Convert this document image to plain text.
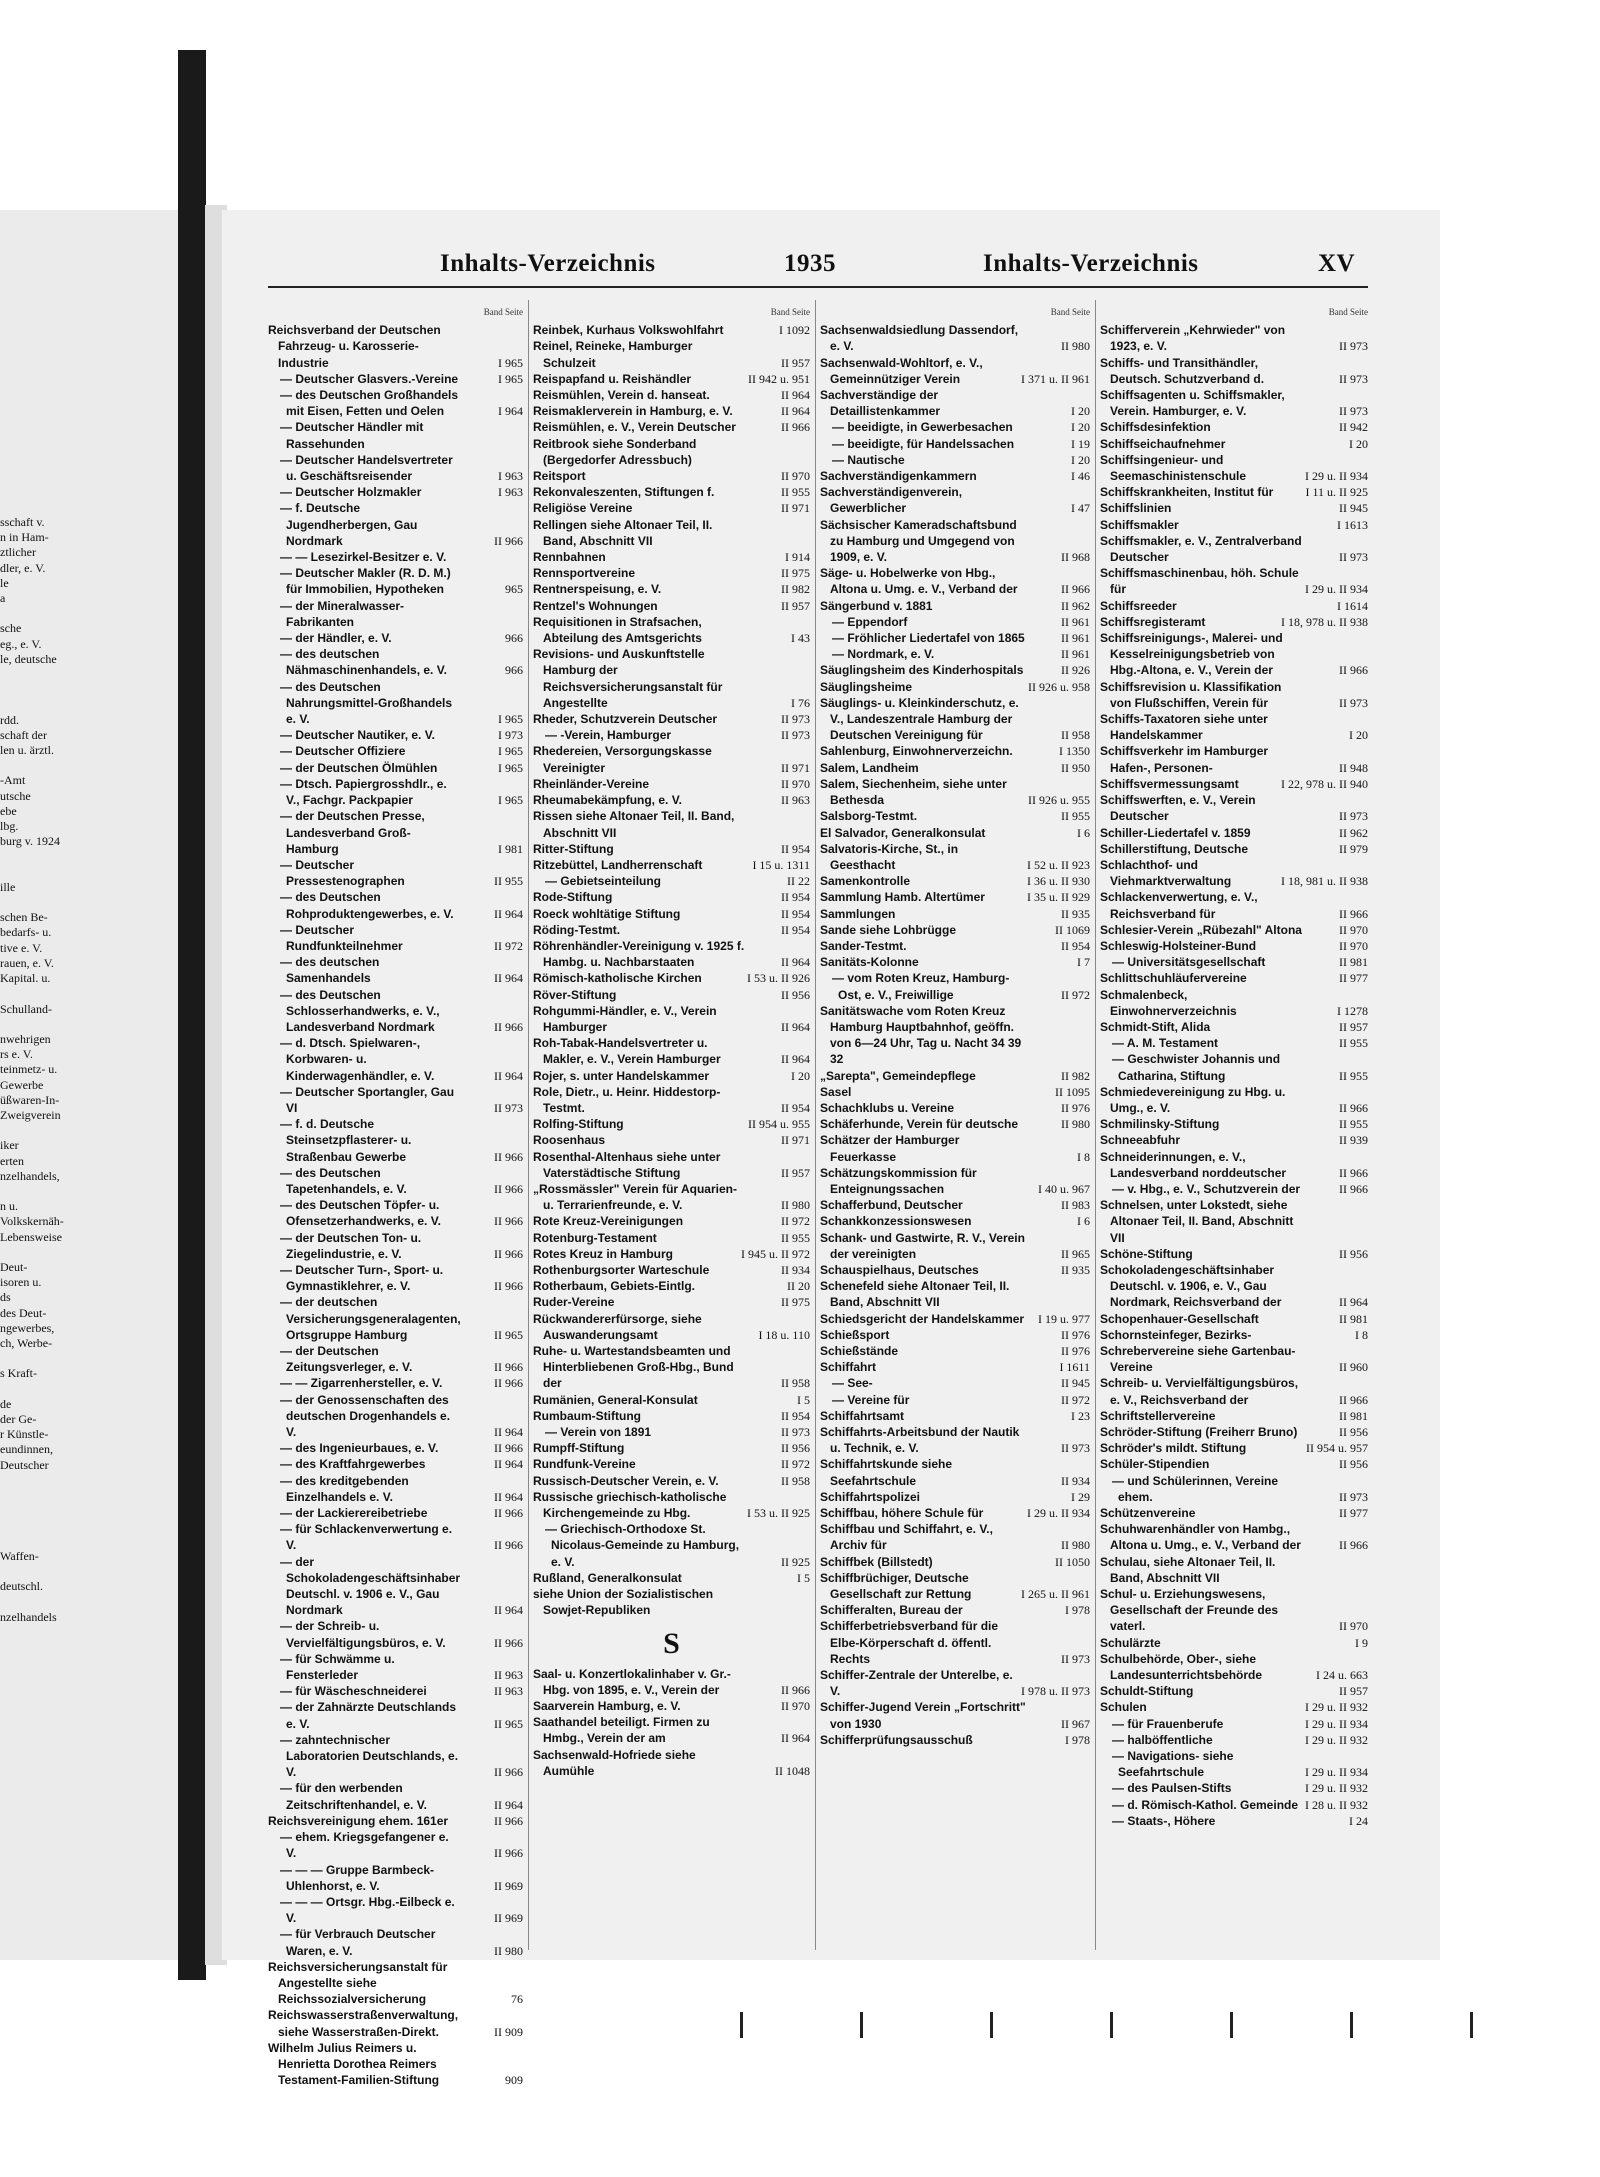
sschaft v.
n in Ham-
ztlicher
dler, e. V.
le
a

sche
eg., e. V.
le, deutsche

rdd.
schaft der
len u. ärztl.

-Amt
utsche
ebe
lbg.
burg v. 1924

ille

schen Be-
bedarfs- u.
tive e. V.
rauen, e. V.
Kapital. u.

Schulland-

nwehrigen
rs e. V.
teinmetz- u.
Gewerbe
üßwaren-In-
Zweigverein

iker
erten
nzelhandels,

n u.
Volkskernäh-
Lebensweise

Deut-
isoren u.
ds
des Deut-
ngewerbes,
ch, Werbe-

s Kraft-

de
der Ge-
r Künstle-
eundinnen,
Deutscher

Waffen-

deutschl.

nzelhandels

Inhalts-Verzeichnis	1935	Inhalts-Verzeichnis	XV
Band Seite
Reichsverband der Deutschen Fahrzeug- u. Karosserie-Industrie	I 965
— Deutscher Glasvers.-Vereine	I 965
— des Deutschen Großhandels mit Eisen, Fetten und Oelen	I 964
— Deutscher Händler mit Rassehunden
— Deutscher Handelsvertreter u. Geschäftsreisender	I 963
— Deutscher Holzmakler	I 963
— f. Deutsche Jugendherbergen, Gau Nordmark	II 966
— — Lesezirkel-Besitzer e. V.
— Deutscher Makler (R. D. M.) für Immobilien, Hypotheken	965
— der Mineralwasser-Fabrikanten
— der Händler, e. V.	966
— des deutschen Nähmaschinenhandels, e. V.	966
— des Deutschen Nahrungsmittel-Großhandels e. V.	I 965
— Deutscher Nautiker, e. V.	I 973
— Deutscher Offiziere	I 965
— der Deutschen Ölmühlen	I 965
— Dtsch. Papiergrosshdlr., e. V., Fachgr. Packpapier	I 965
— der Deutschen Presse, Landesverband Groß-Hamburg	I 981
— Deutscher Pressestenographen	II 955
— des Deutschen Rohproduktengewerbes, e. V.	II 964
— Deutscher Rundfunkteilnehmer	II 972
— des deutschen Samenhandels	II 964
— des Deutschen Schlosserhandwerks, e. V., Landesverband Nordmark	II 966
— d. Dtsch. Spielwaren-, Korbwaren- u. Kinderwagenhändler, e. V.	II 964
— Deutscher Sportangler, Gau VI	II 973
— f. d. Deutsche Steinsetzpflasterer- u. Straßenbau Gewerbe	II 966
— des Deutschen Tapetenhandels, e. V.	II 966
— des Deutschen Töpfer- u. Ofensetzerhandwerks, e. V.	II 966
— der Deutschen Ton- u. Ziegelindustrie, e. V.	II 966
— Deutscher Turn-, Sport- u. Gymnastiklehrer, e. V.	II 966
— der deutschen Versicherungsgeneralagenten, Ortsgruppe Hamburg	II 965
— der Deutschen Zeitungsverleger, e. V.	II 966
— — Zigarrenhersteller, e. V.	II 966
— der Genossenschaften des deutschen Drogenhandels e. V.	II 964
— des Ingenieurbaues, e. V.	II 966
— des Kraftfahrgewerbes	II 964
— des kreditgebenden Einzelhandels e. V.	II 964
— der Lackierereibetriebe	II 966
— für Schlackenverwertung e. V.	II 966
— der Schokoladengeschäftsinhaber Deutschl. v. 1906 e. V., Gau Nordmark	II 964
— der Schreib- u. Vervielfältigungsbüros, e. V.	II 966
— für Schwämme u. Fensterleder	II 963
— für Wäscheschneiderei	II 963
— der Zahnärzte Deutschlands e. V.	II 965
— zahntechnischer Laboratorien Deutschlands, e. V.	II 966
— für den werbenden Zeitschriftenhandel, e. V.	II 964
Reichsvereinigung ehem. 161er	II 966
— ehem. Kriegsgefangener e. V.	II 966
— — — Gruppe Barmbeck-Uhlenhorst, e. V.	II 969
— — — Ortsgr. Hbg.-Eilbeck e. V.	II 969
— für Verbrauch Deutscher Waren, e. V.	II 980
Reichsversicherungsanstalt für Angestellte siehe Reichssozialversicherung	76
Reichswasserstraßenverwaltung, siehe Wasserstraßen-Direkt.	II 909
Wilhelm Julius Reimers u. Henrietta Dorothea Reimers Testament-Familien-Stiftung	909
Band Seite
Reinbek, Kurhaus Volkswohlfahrt	I 1092
Reinel, Reineke, Hamburger Schulzeit	II 957
Reispapfand u. Reishändler	II 942 u. 951
Reismühlen, Verein d. hanseat.	II 964
Reismaklerverein in Hamburg, e. V.	II 964
Reismühlen, e. V., Verein Deutscher	II 966
Reitbrook siehe Sonderband (Bergedorfer Adressbuch)
Reitsport	II 970
Rekonvaleszenten, Stiftungen f.	II 955
Religiöse Vereine	II 971
Rellingen siehe Altonaer Teil, II. Band, Abschnitt VII
Rennbahnen	I 914
Rennsportvereine	II 975
Rentnerspeisung, e. V.	II 982
Rentzel's Wohnungen	II 957
Requisitionen in Strafsachen, Abteilung des Amtsgerichts	I 43
Revisions- und Auskunftstelle Hamburg der Reichsversicherungsanstalt für Angestellte	I 76
Rheder, Schutzverein Deutscher	II 973
— -Verein, Hamburger	II 973
Rhedereien, Versorgungskasse Vereinigter	II 971
Rheinländer-Vereine	II 970
Rheumabekämpfung, e. V.	II 963
Rissen siehe Altonaer Teil, II. Band, Abschnitt VII
Ritter-Stiftung	II 954
Ritzebüttel, Landherrenschaft	I 15 u. 1311
— Gebietseinteilung	II 22
Rode-Stiftung	II 954
Roeck wohltätige Stiftung	II 954
Röding-Testmt.	II 954
Röhrenhändler-Vereinigung v. 1925 f. Hambg. u. Nachbarstaaten	II 964
Römisch-katholische Kirchen	I 53 u. II 926
Röver-Stiftung	II 956
Rohgummi-Händler, e. V., Verein Hamburger	II 964
Roh-Tabak-Handelsvertreter u. Makler, e. V., Verein Hamburger	II 964
Rojer, s. unter Handelskammer	I 20
Role, Dietr., u. Heinr. Hiddestorp-Testmt.	II 954
Rolfing-Stiftung	II 954 u. 955
Roosenhaus	II 971
Rosenthal-Altenhaus siehe unter Vaterstädtische Stiftung	II 957
„Rossmässler" Verein für Aquarien- u. Terrarienfreunde, e. V.	II 980
Rote Kreuz-Vereinigungen	II 972
Rotenburg-Testament	II 955
Rotes Kreuz in Hamburg	I 945 u. II 972
Rothenburgsorter Warteschule	II 934
Rotherbaum, Gebiets-Eintlg.	II 20
Ruder-Vereine	II 975
Rückwandererfürsorge, siehe Auswanderungsamt	I 18 u. 110
Ruhe- u. Wartestandsbeamten und Hinterbliebenen Groß-Hbg., Bund der	II 958
Rumänien, General-Konsulat	I 5
Rumbaum-Stiftung	II 954
— Verein von 1891	II 973
Rumpff-Stiftung	II 956
Rundfunk-Vereine	II 972
Russisch-Deutscher Verein, e. V.	II 958
Russische griechisch-katholische Kirchengemeinde zu Hbg.	I 53 u. II 925
— Griechisch-Orthodoxe St. Nicolaus-Gemeinde zu Hamburg, e. V.	II 925
Rußland, Generalkonsulat	I 5
siehe Union der Sozialistischen Sowjet-Republiken
S
Saal- u. Konzertlokalinhaber v. Gr.-Hbg. von 1895, e. V., Verein der	II 966
Saarverein Hamburg, e. V.	II 970
Saathandel beteiligt. Firmen zu Hmbg., Verein der am	II 964
Sachsenwald-Hofriede siehe Aumühle	II 1048
Band Seite
Sachsenwaldsiedlung Dassendorf, e. V.	II 980
Sachsenwald-Wohltorf, e. V., Gemeinnütziger Verein	I 371 u. II 961
Sachverständige der Detaillistenkammer	I 20
— beeidigte, in Gewerbesachen	I 20
— beeidigte, für Handelssachen	I 19
— Nautische	I 20
Sachverständigenkammern	I 46
Sachverständigenverein, Gewerblicher	I 47
Sächsischer Kameradschaftsbund zu Hamburg und Umgegend von 1909, e. V.	II 968
Säge- u. Hobelwerke von Hbg., Altona u. Umg. e. V., Verband der	II 966
Sängerbund v. 1881	II 962
— Eppendorf	II 961
— Fröhlicher Liedertafel von 1865	II 961
— Nordmark, e. V.	II 961
Säuglingsheim des Kinderhospitals	II 926
Säuglingsheime	II 926 u. 958
Säuglings- u. Kleinkinderschutz, e. V., Landeszentrale Hamburg der Deutschen Vereinigung für	II 958
Sahlenburg, Einwohnerverzeichn.	I 1350
Salem, Landheim	II 950
Salem, Siechenheim, siehe unter Bethesda	II 926 u. 955
Salsborg-Testmt.	II 955
El Salvador, Generalkonsulat	I 6
Salvatoris-Kirche, St., in Geesthacht	I 52 u. II 923
Samenkontrolle	I 36 u. II 930
Sammlung Hamb. Altertümer	I 35 u. II 929
Sammlungen	II 935
Sande siehe Lohbrügge	II 1069
Sander-Testmt.	II 954
Sanitäts-Kolonne	I 7
— vom Roten Kreuz, Hamburg-Ost, e. V., Freiwillige	II 972
Sanitätswache vom Roten Kreuz Hamburg Hauptbahnhof, geöffn. von 6—24 Uhr, Tag u. Nacht 34 39 32
„Sarepta", Gemeindepflege	II 982
Sasel	II 1095
Schachklubs u. Vereine	II 976
Schäferhunde, Verein für deutsche	II 980
Schätzer der Hamburger Feuerkasse	I 8
Schätzungskommission für Enteignungssachen	I 40 u. 967
Schafferbund, Deutscher	II 983
Schankkonzessionswesen	I 6
Schank- und Gastwirte, R. V., Verein der vereinigten	II 965
Schauspielhaus, Deutsches	II 935
Schenefeld siehe Altonaer Teil, II. Band, Abschnitt VII
Schiedsgericht der Handelskammer I 19 u. 977
Schießsport	II 976
Schießstände	II 976
Schiffahrt	I 1611
— See-	II 945
— Vereine für	II 972
Schiffahrtsamt	I 23
Schiffahrts-Arbeitsbund der Nautik u. Technik, e. V.	II 973
Schiffahrtskunde siehe Seefahrtschule	II 934
Schiffahrtspolizei	I 29
Schiffbau, höhere Schule für	I 29 u. II 934
Schiffbau und Schiffahrt, e. V., Archiv für	II 980
Schiffbek (Billstedt)	II 1050
Schiffbrüchiger, Deutsche Gesellschaft zur Rettung	I 265 u. II 961
Schifferalten, Bureau der	I 978
Schifferbetriebsverband für die Elbe-Körperschaft d. öffentl. Rechts	II 973
Schiffer-Zentrale der Unterelbe, e. V.	I 978 u. II 973
Schiffer-Jugend Verein „Fortschritt" von 1930	II 967
Schifferprüfungsausschuß	I 978
Band Seite
Schifferverein „Kehrwieder" von 1923, e. V.	II 973
Schiffs- und Transithändler, Deutsch. Schutzverband d.	II 973
Schiffsagenten u. Schiffsmakler, Verein. Hamburger, e. V.	II 973
Schiffsdesinfektion	II 942
Schiffseichaufnehmer	I 20
Schiffsingenieur- und Seemaschinistenschule	I 29 u. II 934
Schiffskrankheiten, Institut für	I 11 u. II 925
Schiffslinien	II 945
Schiffsmakler	I 1613
Schiffsmakler, e. V., Zentralverband Deutscher	II 973
Schiffsmaschinenbau, höh. Schule für	I 29 u. II 934
Schiffsreeder	I 1614
Schiffsregisteramt	I 18, 978 u. II 938
Schiffsreinigungs-, Malerei- und Kesselreinigungsbetrieb von Hbg.-Altona, e. V., Verein der	II 966
Schiffsrevision u. Klassifikation von Flußschiffen, Verein für	II 973
Schiffs-Taxatoren siehe unter Handelskammer	I 20
Schiffsverkehr im Hamburger Hafen-, Personen-	II 948
Schiffsvermessungsamt	I 22, 978 u. II 940
Schiffswerften, e. V., Verein Deutscher	II 973
Schiller-Liedertafel v. 1859	II 962
Schillerstiftung, Deutsche	II 979
Schlachthof- und Viehmarktverwaltung	I 18, 981 u. II 938
Schlackenverwertung, e. V., Reichsverband für	II 966
Schlesier-Verein „Rübezahl" Altona	II 970
Schleswig-Holsteiner-Bund	II 970
— Universitätsgesellschaft	II 981
Schlittschuhläufervereine	II 977
Schmalenbeck, Einwohnerverzeichnis	I 1278
Schmidt-Stift, Alida	II 957
— A. M. Testament	II 955
— Geschwister Johannis und Catharina, Stiftung	II 955
Schmiedevereinigung zu Hbg. u. Umg., e. V.	II 966
Schmilinsky-Stiftung	II 955
Schneeabfuhr	II 939
Schneiderinnungen, e. V., Landesverband norddeutscher	II 966
— v. Hbg., e. V., Schutzverein der	II 966
Schnelsen, unter Lokstedt, siehe Altonaer Teil, II. Band, Abschnitt VII
Schöne-Stiftung	II 956
Schokoladengeschäftsinhaber Deutschl. v. 1906, e. V., Gau Nordmark, Reichsverband der	II 964
Schopenhauer-Gesellschaft	II 981
Schornsteinfeger, Bezirks-	I 8
Schrebervereine siehe Gartenbau-Vereine	II 960
Schreib- u. Vervielfältigungsbüros, e. V., Reichsverband der	II 966
Schriftstellervereine	II 981
Schröder-Stiftung (Freiherr Bruno)	II 956
Schröder's mildt. Stiftung	II 954 u. 957
Schüler-Stipendien	II 956
— und Schülerinnen, Vereine ehem.	II 973
Schützenvereine	II 977
Schuhwarenhändler von Hambg., Altona u. Umg., e. V., Verband der	II 966
Schulau, siehe Altonaer Teil, II. Band, Abschnitt VII
Schul- u. Erziehungswesens, Gesellschaft der Freunde des vaterl.	II 970
Schulärzte	I 9
Schulbehörde, Ober-, siehe Landesunterrichtsbehörde	I 24 u. 663
Schuldt-Stiftung	II 957
Schulen	I 29 u. II 932
— für Frauenberufe	I 29 u. II 934
— halböffentliche	I 29 u. II 932
— Navigations- siehe Seefahrtschule	I 29 u. II 934
— des Paulsen-Stifts	I 29 u. II 932
— d. Römisch-Kathol. Gemeinde I 28 u. II 932
— Staats-, Höhere	I 24
